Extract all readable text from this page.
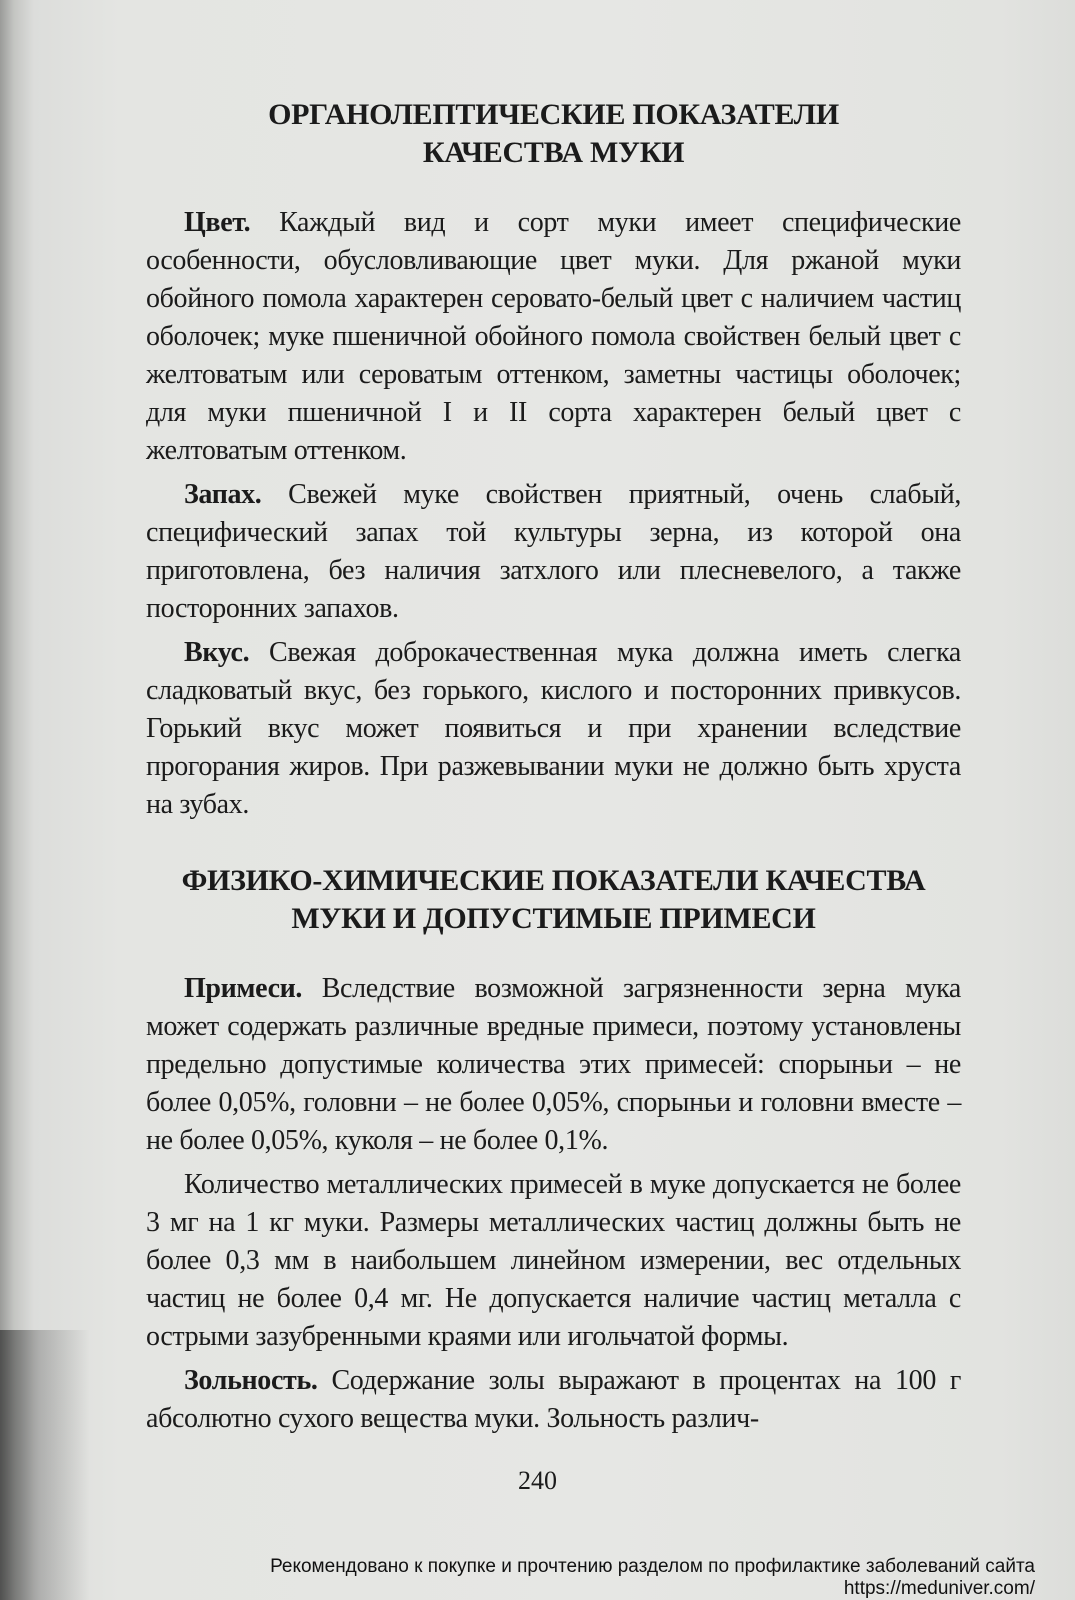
ОРГАНОЛЕПТИЧЕСКИЕ ПОКАЗАТЕЛИ
КАЧЕСТВА МУКИ

Цвет. Каждый вид и сорт муки имеет специфические особенности, обусловливающие цвет муки. Для ржаной муки обойного помола характерен серовато-белый цвет с наличием частиц оболочек; муке пшеничной обойного помола свойствен белый цвет с желтоватым или сероватым оттенком, заметны частицы оболочек; для муки пшеничной I и II сорта характерен белый цвет с желтоватым оттенком.

Запах. Свежей муке свойствен приятный, очень слабый, специфический запах той культуры зерна, из которой она приготовлена, без наличия затхлого или плесневелого, а также посторонних запахов.

Вкус. Свежая доброкачественная мука должна иметь слегка сладковатый вкус, без горького, кислого и посторонних привкусов. Горький вкус может появиться и при хранении вследствие прогорания жиров. При разжевывании муки не должно быть хруста на зубах.

ФИЗИКО-ХИМИЧЕСКИЕ ПОКАЗАТЕЛИ КАЧЕСТВА
МУКИ И ДОПУСТИМЫЕ ПРИМЕСИ

Примеси. Вследствие возможной загрязненности зерна мука может содержать различные вредные примеси, поэтому установлены предельно допустимые количества этих примесей: спорыньи – не более 0,05%, головни – не более 0,05%, спорыньи и головни вместе – не более 0,05%, куколя – не более 0,1%.

Количество металлических примесей в муке допускается не более 3 мг на 1 кг муки. Размеры металлических частиц должны быть не более 0,3 мм в наибольшем линейном измерении, вес отдельных частиц не более 0,4 мг. Не допускается наличие частиц металла с острыми зазубренными краями или игольчатой формы.

Зольность. Содержание золы выражают в процентах на 100 г абсолютно сухого вещества муки. Зольность различ-

240
Рекомендовано к покупке и прочтению разделом по профилактике заболеваний сайта https://meduniver.com/
